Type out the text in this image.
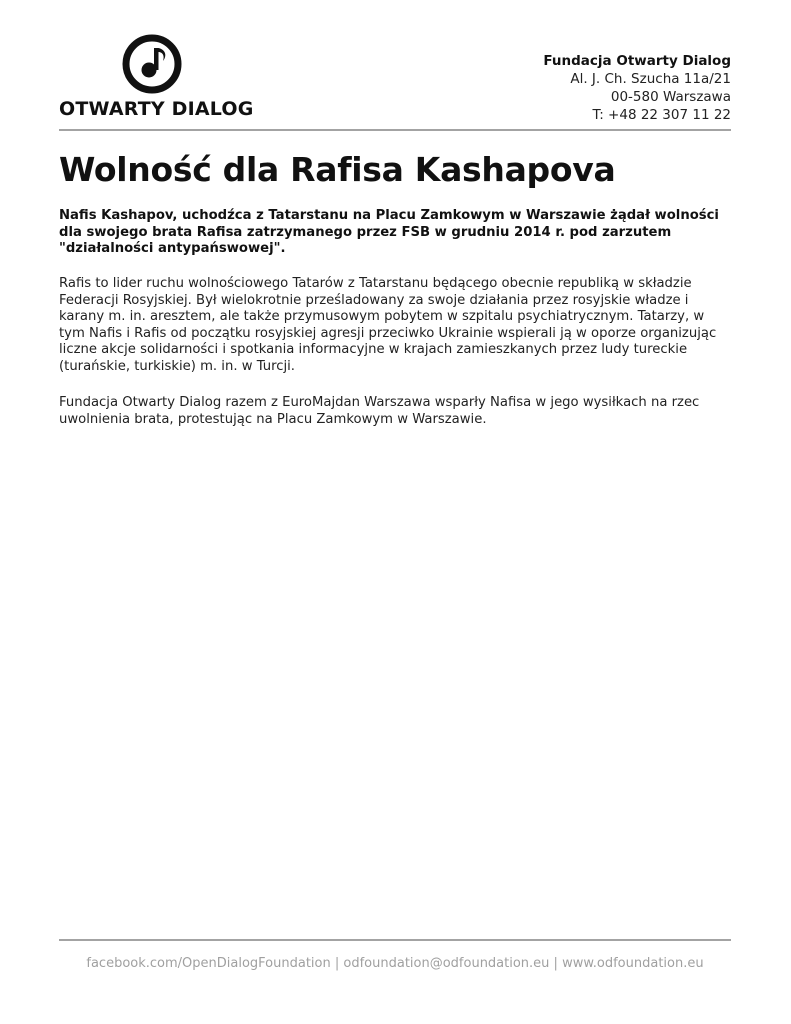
OTWARTY DIALOG
Fundacja Otwarty Dialog
Al. J. Ch. Szucha 11a/21
00-580 Warszawa
T: +48 22 307 11 22
Wolność dla Rafisa Kashapova

Nafis Kashapov, uchodźca z Tatarstanu na Placu Zamkowym w Warszawie żądał wolności dla swojego brata Rafisa zatrzymanego przez FSB w grudniu 2014 r. pod zarzutem "działalności antypańswowej".

Rafis to lider ruchu wolnościowego Tatarów z Tatarstanu będącego obecnie republiką w składzie Federacji Rosyjskiej. Był wielokrotnie prześladowany za swoje działania przez rosyjskie władze i karany m. in. aresztem, ale także przymusowym pobytem w szpitalu psychiatrycznym. Tatarzy, w tym Nafis i Rafis od początku rosyjskiej agresji przeciwko Ukrainie wspierali ją w oporze organizując liczne akcje solidarności i spotkania informacyjne w krajach zamieszkanych przez ludy tureckie (turańskie, turkiskie) m. in. w Turcji.

Fundacja Otwarty Dialog razem z EuroMajdan Warszawa wsparły Nafisa w jego wysiłkach na rzec uwolnienia brata, protestując na Placu Zamkowym w Warszawie.

facebook.com/OpenDialogFoundation | odfoundation@odfoundation.eu | www.odfoundation.eu
